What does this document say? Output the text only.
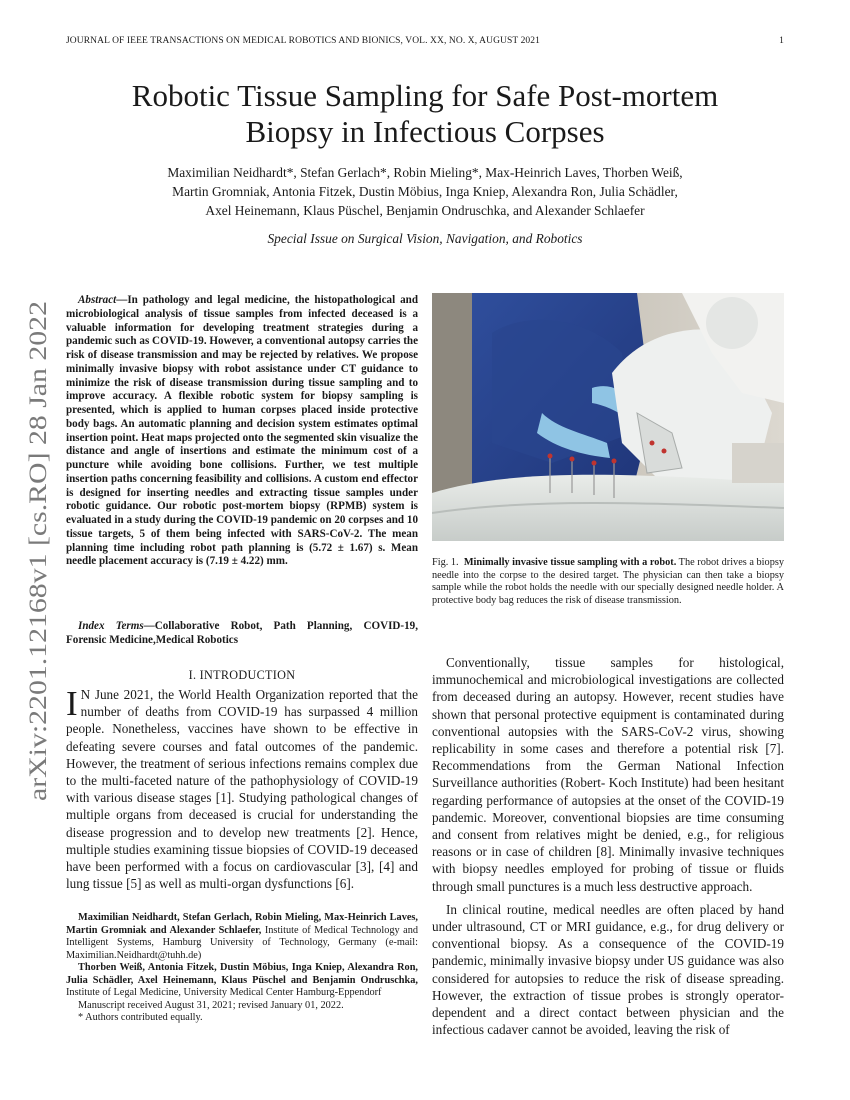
JOURNAL OF IEEE TRANSACTIONS ON MEDICAL ROBOTICS AND BIONICS, VOL. XX, NO. X, AUGUST 2021	1
Robotic Tissue Sampling for Safe Post-mortem
Biopsy in Infectious Corpses
Maximilian Neidhardt*, Stefan Gerlach*, Robin Mieling*, Max-Heinrich Laves, Thorben Weiß,
Martin Gromniak, Antonia Fitzek, Dustin Möbius, Inga Kniep, Alexandra Ron, Julia Schädler,
Axel Heinemann, Klaus Püschel, Benjamin Ondruschka, and Alexander Schlaefer
Special Issue on Surgical Vision, Navigation, and Robotics
arXiv:2201.12168v1 [cs.RO] 28 Jan 2022
Abstract—In pathology and legal medicine, the histopathological and microbiological analysis of tissue samples from infected deceased is a valuable information for developing treatment strategies during a pandemic such as COVID-19. However, a conventional autopsy carries the risk of disease transmission and may be rejected by relatives. We propose minimally invasive biopsy with robot assistance under CT guidance to minimize the risk of disease transmission during tissue sampling and to improve accuracy. A flexible robotic system for biopsy sampling is presented, which is applied to human corpses placed inside protective body bags. An automatic planning and decision system estimates optimal insertion point. Heat maps projected onto the segmented skin visualize the distance and angle of insertions and estimate the minimum cost of a puncture while avoiding bone collisions. Further, we test multiple insertion paths concerning feasibility and collisions. A custom end effector is designed for inserting needles and extracting tissue samples under robotic guidance. Our robotic post-mortem biopsy (RPMB) system is evaluated in a study during the COVID-19 pandemic on 20 corpses and 10 tissue targets, 5 of them being infected with SARS-CoV-2. The mean planning time including robot path planning is (5.72 ± 1.67) s. Mean needle placement accuracy is (7.19 ± 4.22) mm.
Index Terms—Collaborative Robot, Path Planning, COVID-19, Forensic Medicine,Medical Robotics
I. INTRODUCTION
I N June 2021, the World Health Organization reported that the number of deaths from COVID-19 has surpassed 4 million people. Nonetheless, vaccines have shown to be effective in defeating severe courses and fatal outcomes of the pandemic. However, the treatment of serious infections remains complex due to the multi-faceted nature of the pathophysiology of COVID-19 with various disease stages [1]. Studying pathological changes of multiple organs from deceased is crucial for understanding the disease progression and to develop new treatments [2]. Hence, multiple studies examining tissue biopsies of COVID-19 deceased have been performed with a focus on cardiovascular [3], [4] and lung tissue [5] as well as multi-organ dysfunctions [6].

Maximilian Neidhardt, Stefan Gerlach, Robin Mieling, Max-Heinrich Laves, Martin Gromniak and Alexander Schlaefer, Institute of Medical Technology and Intelligent Systems, Hamburg University of Technology, Germany (e-mail: Maximilian.Neidhardt@tuhh.de)

Thorben Weiß, Antonia Fitzek, Dustin Möbius, Inga Kniep, Alexandra Ron, Julia Schädler, Axel Heinemann, Klaus Püschel and Benjamin Ondruschka, Institute of Legal Medicine, University Medical Center Hamburg-Eppendorf

Manuscript received August 31, 2021; revised January 01, 2022.

* Authors contributed equally.

Fig. 1. Minimally invasive tissue sampling with a robot. The robot drives a biopsy needle into the corpse to the desired target. The physician can then take a biopsy sample while the robot holds the needle with our specially designed needle holder. A protective body bag reduces the risk of disease transmission.

Conventionally, tissue samples for histological, immunochemical and microbiological investigations are collected from deceased during an autopsy. However, recent studies have shown that personal protective equipment is contaminated during conventional autopsies with the SARS-CoV-2 virus, showing replicability in some cases and therefore a potential risk [7]. Recommendations from the German National Infection Surveillance authorities (Robert- Koch Institute) had been hesitant regarding performance of autopsies at the onset of the COVID-19 pandemic. Moreover, conventional biopsies are time consuming and consent from relatives might be denied, e.g., for religious reasons or in case of children [8]. Minimally invasive techniques with biopsy needles employed for probing of tissue or fluids through small punctures is a much less destructive approach.

In clinical routine, medical needles are often placed by hand under ultrasound, CT or MRI guidance, e.g., for drug delivery or conventional biopsy. As a consequence of the COVID-19 pandemic, minimally invasive biopsy under US guidance was also considered for autopsies to reduce the risk of disease spreading. However, the extraction of tissue probes is strongly operator-dependent and a direct contact between physician and the infectious cadaver cannot be avoided, leaving the risk of
